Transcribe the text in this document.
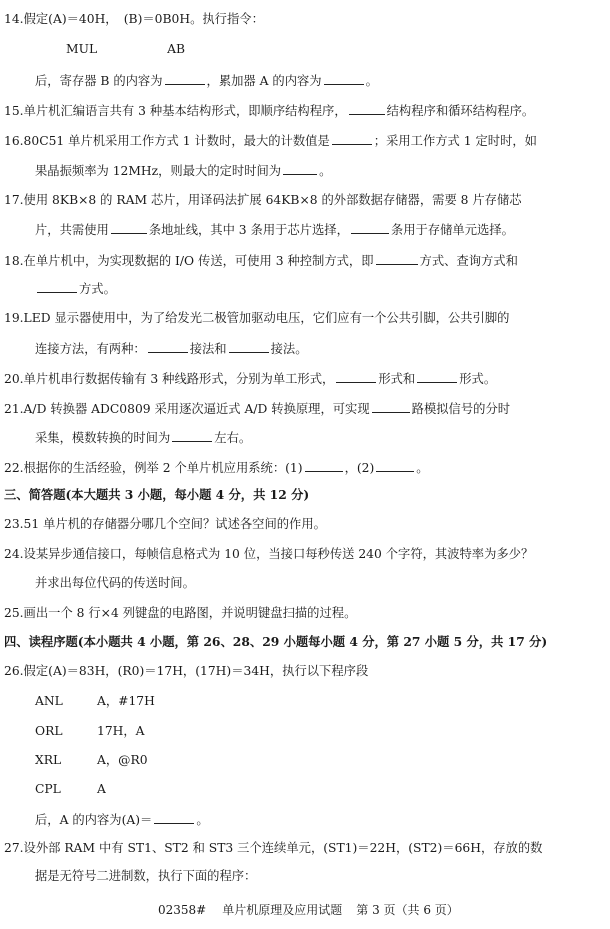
14.假定(A)＝40H，　(B)＝0B0H。执行指令：
MUL	AB
后，寄存器 B 的内容为	，累加器 A 的内容为	。
15.单片机汇编语言共有 3 种基本结构形式，即顺序结构程序，	结构程序和循环结构程序。
16.80C51 单片机采用工作方式 1 计数时，最大的计数值是	；采用工作方式 1 定时时，如
果晶振频率为 12MHz，则最大的定时时间为	。
17.使用 8KB×8 的 RAM 芯片，用译码法扩展 64KB×8 的外部数据存储器，需要 8 片存储芯
片，共需使用	条地址线，其中 3 条用于芯片选择，	条用于存储单元选择。
18.在单片机中，为实现数据的 I/O 传送，可使用 3 种控制方式，即	方式、查询方式和
方式。
19.LED 显示器使用中，为了给发光二极管加驱动电压，它们应有一个公共引脚，公共引脚的
连接方法，有两种：	接法和	接法。
20.单片机串行数据传输有 3 种线路形式，分别为单工形式，	形式和	形式。
21.A/D 转换器 ADC0809 采用逐次逼近式 A/D 转换原理，可实现	路模拟信号的分时
采集，模数转换的时间为	左右。
22.根据你的生活经验，例举 2 个单片机应用系统：(1)	，(2)	。
三、简答题(本大题共 3 小题，每小题 4 分，共 12 分)
23.51 单片机的存储器分哪几个空间？试述各空间的作用。
24.设某异步通信接口，每帧信息格式为 10 位，当接口每秒传送 240 个字符，其波特率为多少？
并求出每位代码的传送时间。
25.画出一个 8 行×4 列键盘的电路图，并说明键盘扫描的过程。
四、读程序题(本小题共 4 小题，第 26、28、29 小题每小题 4 分，第 27 小题 5 分，共 17 分)
26.假定(A)＝83H，(R0)＝17H，(17H)＝34H，执行以下程序段
ANL	A，#17H
ORL	17H，A
XRL	A，@R0
CPL	A
后，A 的内容为(A)＝	。
27.设外部 RAM 中有 ST1、ST2 和 ST3 三个连续单元，(ST1)＝22H，(ST2)＝66H，存放的数
据是无符号二进制数，执行下面的程序：
02358# 单片机原理及应用试题 第 3 页（共 6 页）
